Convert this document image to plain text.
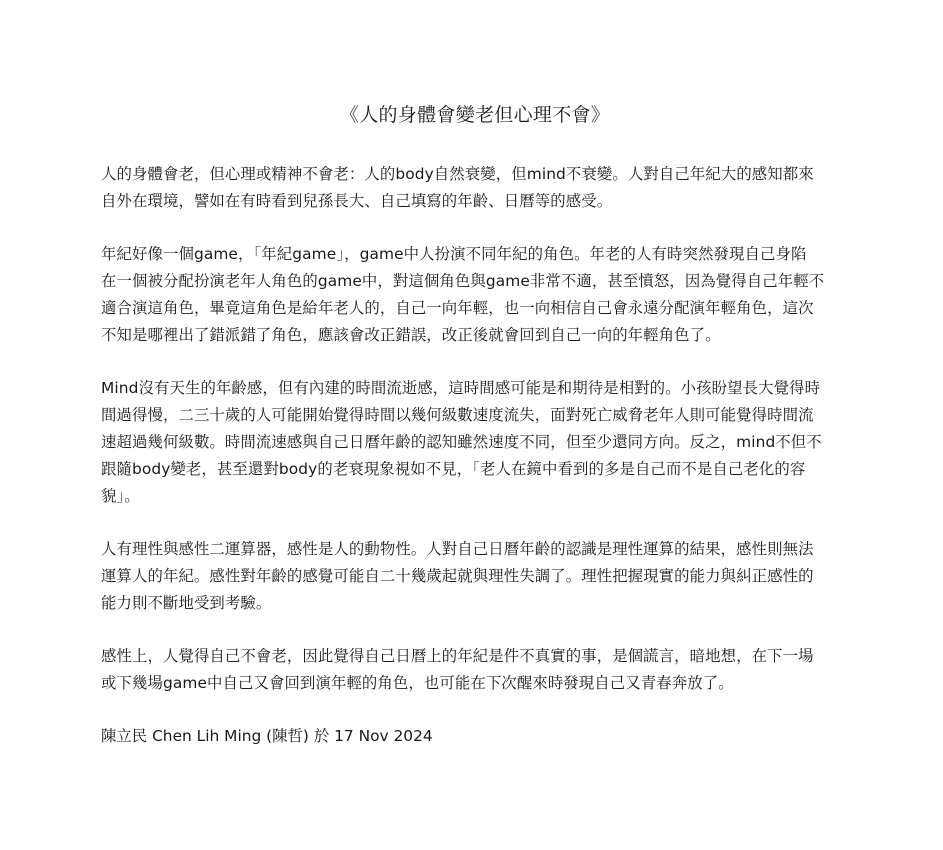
《人的身體會變老但心理不會》

人的身體會老，但心理或精神不會老：人的body自然衰變，但mind不衰變。人對自己年紀大的感知都來
自外在環境，譬如在有時看到兒孫長大、自己填寫的年齡、日曆等的感受。

年紀好像一個game，「年紀game」，game中人扮演不同年紀的角色。年老的人有時突然發現自己身陷
在一個被分配扮演老年人角色的game中，對這個角色與game非常不適，甚至憤怒，因為覺得自己年輕不
適合演這角色，畢竟這角色是給年老人的，自己一向年輕，也一向相信自己會永遠分配演年輕角色，這次
不知是哪裡出了錯派錯了角色，應該會改正錯誤，改正後就會回到自己一向的年輕角色了。

Mind沒有天生的年齡感，但有內建的時間流逝感，這時間感可能是和期待是相對的。小孩盼望長大覺得時
間過得慢，二三十歲的人可能開始覺得時間以幾何級數速度流失，面對死亡威脅老年人則可能覺得時間流
速超過幾何級數。時間流速感與自己日曆年齡的認知雖然速度不同，但至少還同方向。反之，mind不但不
跟隨body變老，甚至還對body的老衰現象視如不見，「老人在鏡中看到的多是自己而不是自己老化的容
貌」。

人有理性與感性二運算器，感性是人的動物性。人對自己日曆年齡的認識是理性運算的結果，感性則無法
運算人的年紀。感性對年齡的感覺可能自二十幾歲起就與理性失調了。理性把握現實的能力與糾正感性的
能力則不斷地受到考驗。

感性上，人覺得自己不會老，因此覺得自己日曆上的年紀是件不真實的事，是個謊言，暗地想，在下一場
或下幾場game中自己又會回到演年輕的角色，也可能在下次醒來時發現自己又青春奔放了。

陳立民 Chen Lih Ming (陳哲) 於 17 Nov 2024
